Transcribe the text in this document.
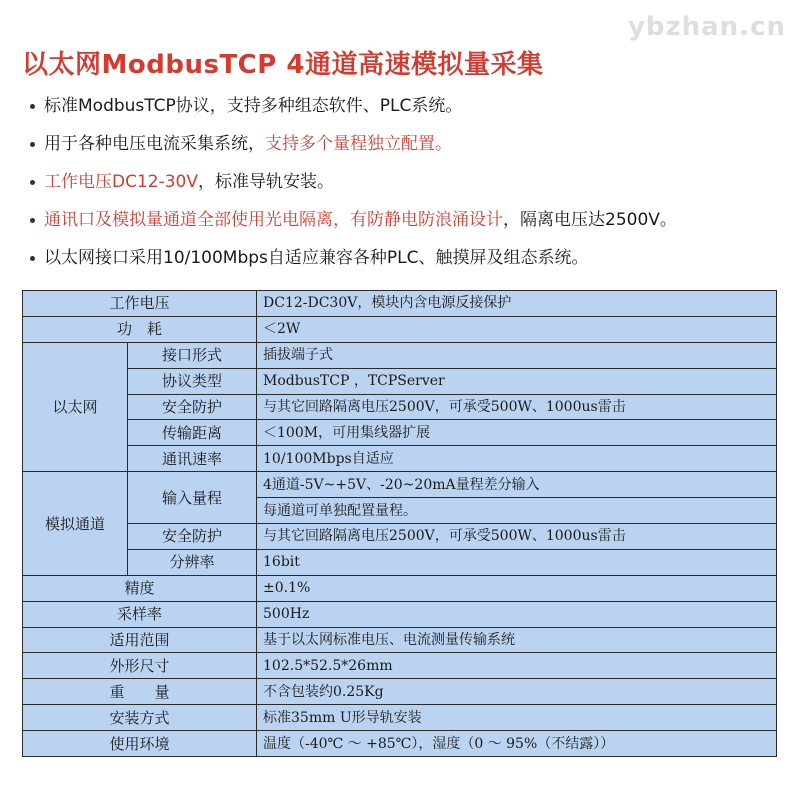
ybzhan.cn

以太网ModbusTCP 4通道高速模拟量采集
标准ModbusTCP协议，支持多种组态软件、PLC系统。
用于各种电压电流采集系统，支持多个量程独立配置。
工作电压DC12-30V，标准导轨安装。
通讯口及模拟量通道全部使用光电隔离，有防静电防浪涌设计，隔离电压达2500V。
以太网接口采用10/100Mbps自适应兼容各种PLC、触摸屏及组态系统。
工作电压		DC12-DC30V，模块内含电源反接保护
功　耗		＜2W
以太网	接口形式	插拔端子式
	协议类型	ModbusTCP ，TCPServer
	安全防护	与其它回路隔离电压2500V，可承受500W、1000us雷击
	传输距离	＜100M，可用集线器扩展
	通讯速率	10/100Mbps自适应
模拟通道	输入量程	4通道-5V~+5V、-20~20mA量程差分输入
		每通道可单独配置量程。
	安全防护	与其它回路隔离电压2500V，可承受500W、1000us雷击
	分辨率	16bit
精度		±0.1%
采样率		500Hz
适用范围		基于以太网标准电压、电流测量传输系统
外形尺寸		102.5*52.5*26mm
重　　量		不含包装约0.25Kg
安装方式		标准35mm U形导轨安装
使用环境		温度（-40℃ ～ +85℃），湿度（0 ～ 95%（不结露））
